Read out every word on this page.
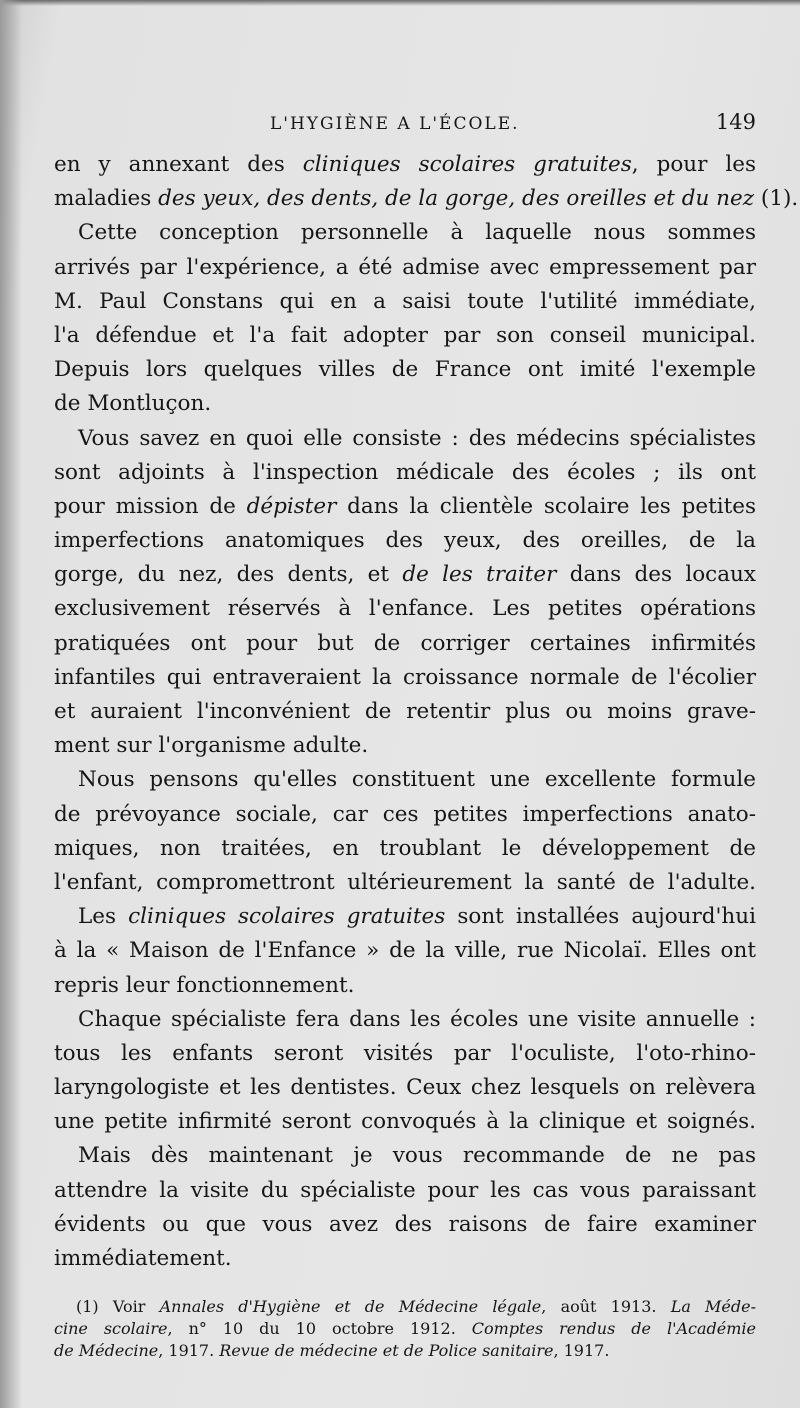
L'HYGIÈNE A L'ÉCOLE.	149
en y annexant des cliniques scolaires gratuites, pour les
maladies des yeux, des dents, de la gorge, des oreilles et du nez (1).
Cette conception personnelle à laquelle nous sommes
arrivés par l'expérience, a été admise avec empressement par
M. Paul Constans qui en a saisi toute l'utilité immédiate,
l'a défendue et l'a fait adopter par son conseil municipal.
Depuis lors quelques villes de France ont imité l'exemple
de Montluçon.
Vous savez en quoi elle consiste : des médecins spécialistes
sont adjoints à l'inspection médicale des écoles ; ils ont
pour mission de dépister dans la clientèle scolaire les petites
imperfections anatomiques des yeux, des oreilles, de la
gorge, du nez, des dents, et de les traiter dans des locaux
exclusivement réservés à l'enfance. Les petites opérations
pratiquées ont pour but de corriger certaines infirmités
infantiles qui entraveraient la croissance normale de l'écolier
et auraient l'inconvénient de retentir plus ou moins grave-
ment sur l'organisme adulte.
Nous pensons qu'elles constituent une excellente formule
de prévoyance sociale, car ces petites imperfections anato-
miques, non traitées, en troublant le développement de
l'enfant, compromettront ultérieurement la santé de l'adulte.
Les cliniques scolaires gratuites sont installées aujourd'hui
à la « Maison de l'Enfance » de la ville, rue Nicolaï. Elles ont
repris leur fonctionnement.
Chaque spécialiste fera dans les écoles une visite annuelle :
tous les enfants seront visités par l'oculiste, l'oto-rhino-
laryngologiste et les dentistes. Ceux chez lesquels on relèvera
une petite infirmité seront convoqués à la clinique et soignés.
Mais dès maintenant je vous recommande de ne pas
attendre la visite du spécialiste pour les cas vous paraissant
évidents ou que vous avez des raisons de faire examiner
immédiatement.
(1) Voir Annales d'Hygiène et de Médecine légale, août 1913. La Méde-
cine scolaire, n° 10 du 10 octobre 1912. Comptes rendus de l'Académie
de Médecine, 1917. Revue de médecine et de Police sanitaire, 1917.
